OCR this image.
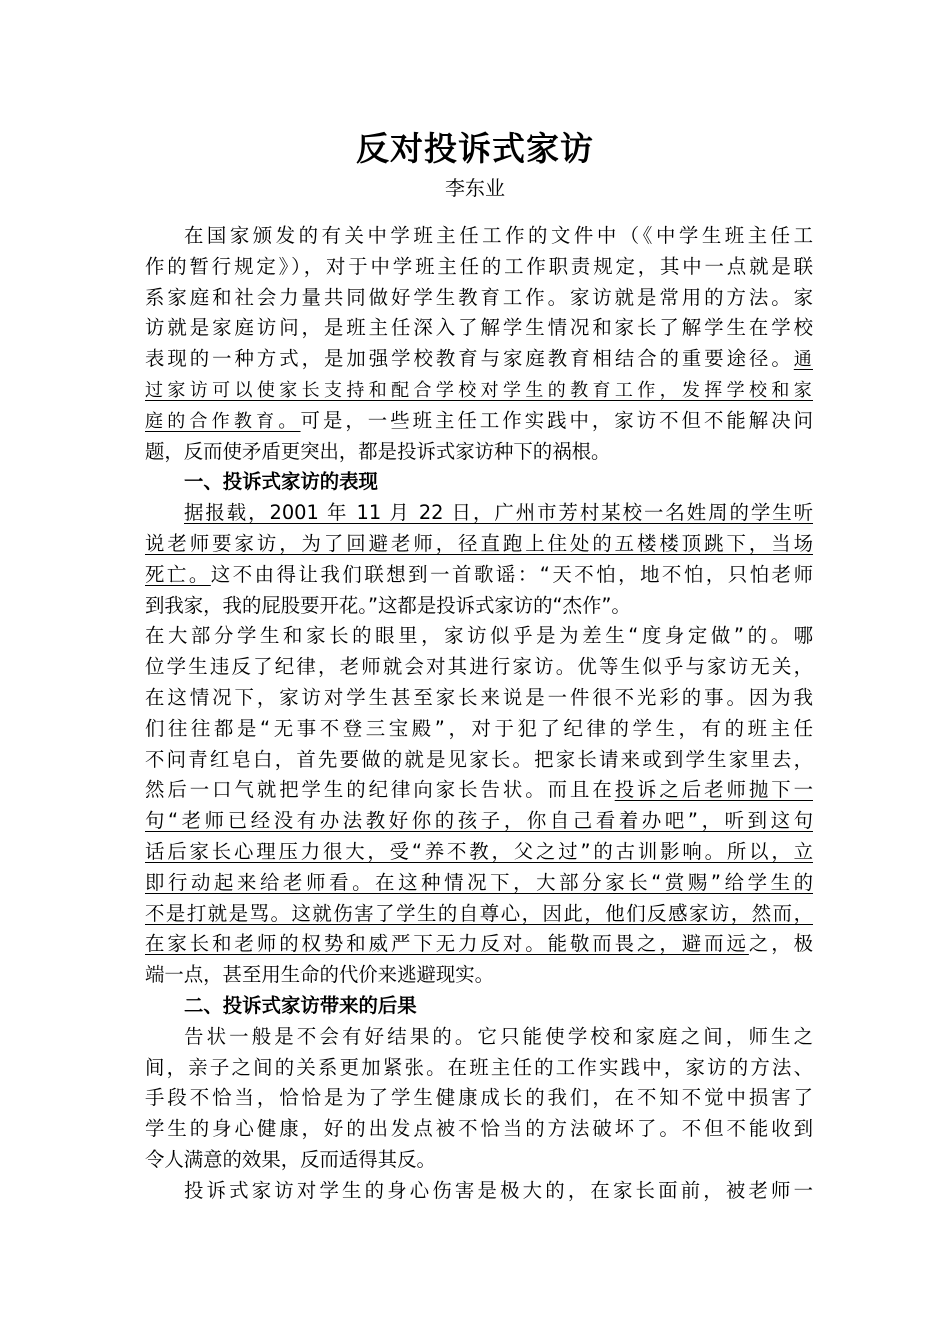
反对投诉式家访
李东业
在国家颁发的有关中学班主任工作的文件中（《中学生班主任工
作的暂行规定》），对于中学班主任的工作职责规定，其中一点就是联
系家庭和社会力量共同做好学生教育工作。家访就是常用的方法。家
访就是家庭访问，是班主任深入了解学生情况和家长了解学生在学校
表现的一种方式，是加强学校教育与家庭教育相结合的重要途径。通
过家访可以使家长支持和配合学校对学生的教育工作，发挥学校和家
庭的合作教育。可是，一些班主任工作实践中，家访不但不能解决问
题，反而使矛盾更突出，都是投诉式家访种下的祸根。
一、投诉式家访的表现
据报载，2001 年 11 月 22 日，广州市芳村某校一名姓周的学生听
说老师要家访，为了回避老师，径直跑上住处的五楼楼顶跳下，当场
死亡。这不由得让我们联想到一首歌谣：“天不怕，地不怕，只怕老师
到我家，我的屁股要开花。”这都是投诉式家访的“杰作”。
在大部分学生和家长的眼里，家访似乎是为差生“度身定做”的。哪
位学生违反了纪律，老师就会对其进行家访。优等生似乎与家访无关，
在这情况下，家访对学生甚至家长来说是一件很不光彩的事。因为我
们往往都是“无事不登三宝殿”，对于犯了纪律的学生，有的班主任
不问青红皂白，首先要做的就是见家长。把家长请来或到学生家里去，
然后一口气就把学生的纪律向家长告状。而且在投诉之后老师抛下一
句“老师已经没有办法教好你的孩子，你自己看着办吧”，听到这句
话后家长心理压力很大，受“养不教，父之过”的古训影响。所以，立
即行动起来给老师看。在这种情况下，大部分家长“赏赐”给学生的
不是打就是骂。这就伤害了学生的自尊心，因此，他们反感家访，然而，
在家长和老师的权势和威严下无力反对。能敬而畏之，避而远之，极
端一点，甚至用生命的代价来逃避现实。
二、投诉式家访带来的后果
告状一般是不会有好结果的。它只能使学校和家庭之间，师生之
间，亲子之间的关系更加紧张。在班主任的工作实践中，家访的方法、
手段不恰当，恰恰是为了学生健康成长的我们，在不知不觉中损害了
学生的身心健康，好的出发点被不恰当的方法破坏了。不但不能收到
令人满意的效果，反而适得其反。
投诉式家访对学生的身心伤害是极大的，在家长面前，被老师一
